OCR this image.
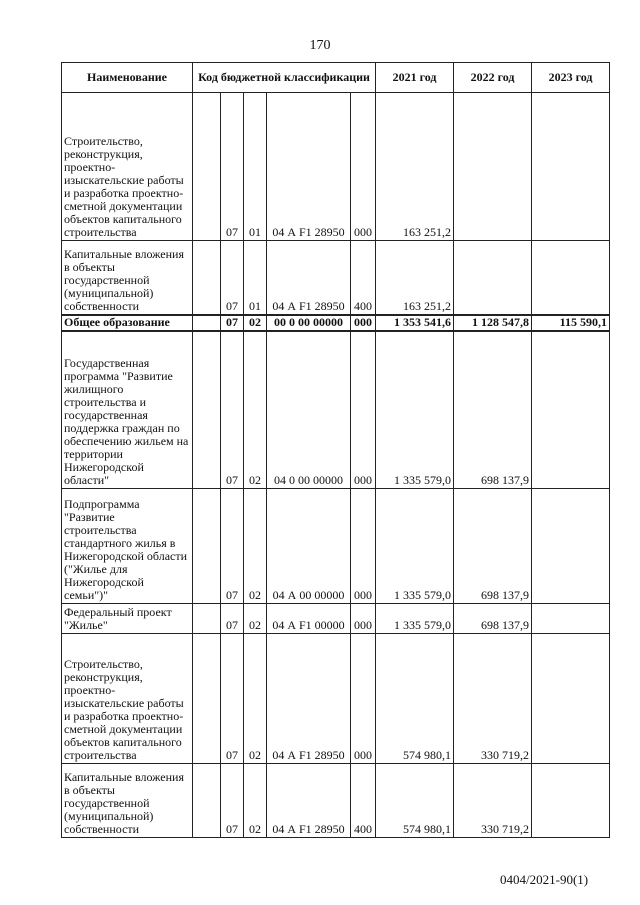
170
Наименование	Код бюджетной классификации					2021 год	2022 год	2023 год
Строительство, реконструкция, проектно-изыскательские работы и разработка проектно-сметной документации объектов капитального строительства		07	01	04 А F1 28950	000	163 251,2		
Капитальные вложения в объекты государственной (муниципальной) собственности		07	01	04 А F1 28950	400	163 251,2		
Общее образование		07	02	00 0 00 00000	000	1 353 541,6	1 128 547,8	115 590,1
Государственная программа "Развитие жилищного строительства и государственная поддержка граждан по обеспечению жильем на территории Нижегородской области"		07	02	04 0 00 00000	000	1 335 579,0	698 137,9	
Подпрограмма "Развитие строительства стандартного жилья в Нижегородской области ("Жилье для Нижегородской семьи")"		07	02	04 А 00 00000	000	1 335 579,0	698 137,9	
Федеральный проект "Жилье"		07	02	04 А F1 00000	000	1 335 579,0	698 137,9	
Строительство, реконструкция, проектно-изыскательские работы и разработка проектно-сметной документации объектов капитального строительства		07	02	04 А F1 28950	000	574 980,1	330 719,2	
Капитальные вложения в объекты государственной (муниципальной) собственности		07	02	04 А F1 28950	400	574 980,1	330 719,2	
0404/2021-90(1)
